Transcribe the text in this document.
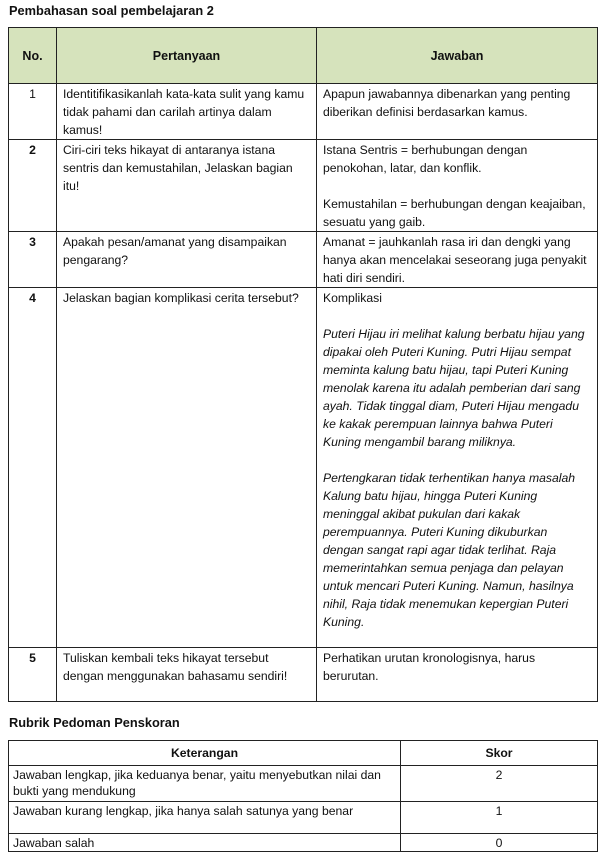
Pembahasan soal pembelajaran 2
No.	Pertanyaan	Jawaban
1	Identitifikasikanlah kata-kata sulit yang kamu tidak pahami dan carilah artinya dalam kamus!	Apapun jawabannya dibenarkan yang penting diberikan definisi berdasarkan kamus.

2	Ciri-ciri teks hikayat di antaranya istana sentris dan kemustahilan, Jelaskan bagian itu!	Istana Sentris = berhubungan dengan penokohan, latar, dan konflik.
Kemustahilan = berhubungan dengan keajaiban, sesuatu yang gaib.

3	Apakah pesan/amanat yang disampaikan pengarang?	Amanat = jauhkanlah rasa iri dan dengki yang hanya akan mencelakai seseorang juga penyakit hati diri sendiri.

4	Jelaskan bagian komplikasi cerita tersebut?	Komplikasi
Puteri Hijau iri melihat kalung berbatu hijau yang dipakai oleh Puteri Kuning. Putri Hijau sempat meminta kalung batu hijau, tapi Puteri Kuning menolak karena itu adalah pemberian dari sang ayah. Tidak tinggal diam, Puteri Hijau mengadu ke kakak perempuan lainnya bahwa Puteri Kuning mengambil barang miliknya.
Pertengkaran tidak terhentikan hanya masalah Kalung batu hijau, hingga Puteri Kuning meninggal akibat pukulan dari kakak perempuannya. Puteri Kuning dikuburkan dengan sangat rapi agar tidak terlihat. Raja memerintahkan semua penjaga dan pelayan untuk mencari Puteri Kuning. Namun, hasilnya nihil, Raja tidak menemukan kepergian Puteri Kuning.

5	Tuliskan kembali teks hikayat tersebut dengan menggunakan bahasamu sendiri!	Perhatikan urutan kronologisnya, harus berurutan.
Rubrik Pedoman Penskoran
Keterangan	Skor
Jawaban lengkap, jika keduanya benar, yaitu menyebutkan nilai dan bukti yang mendukung	2
Jawaban kurang lengkap, jika hanya salah satunya yang benar	1
Jawaban salah	0
